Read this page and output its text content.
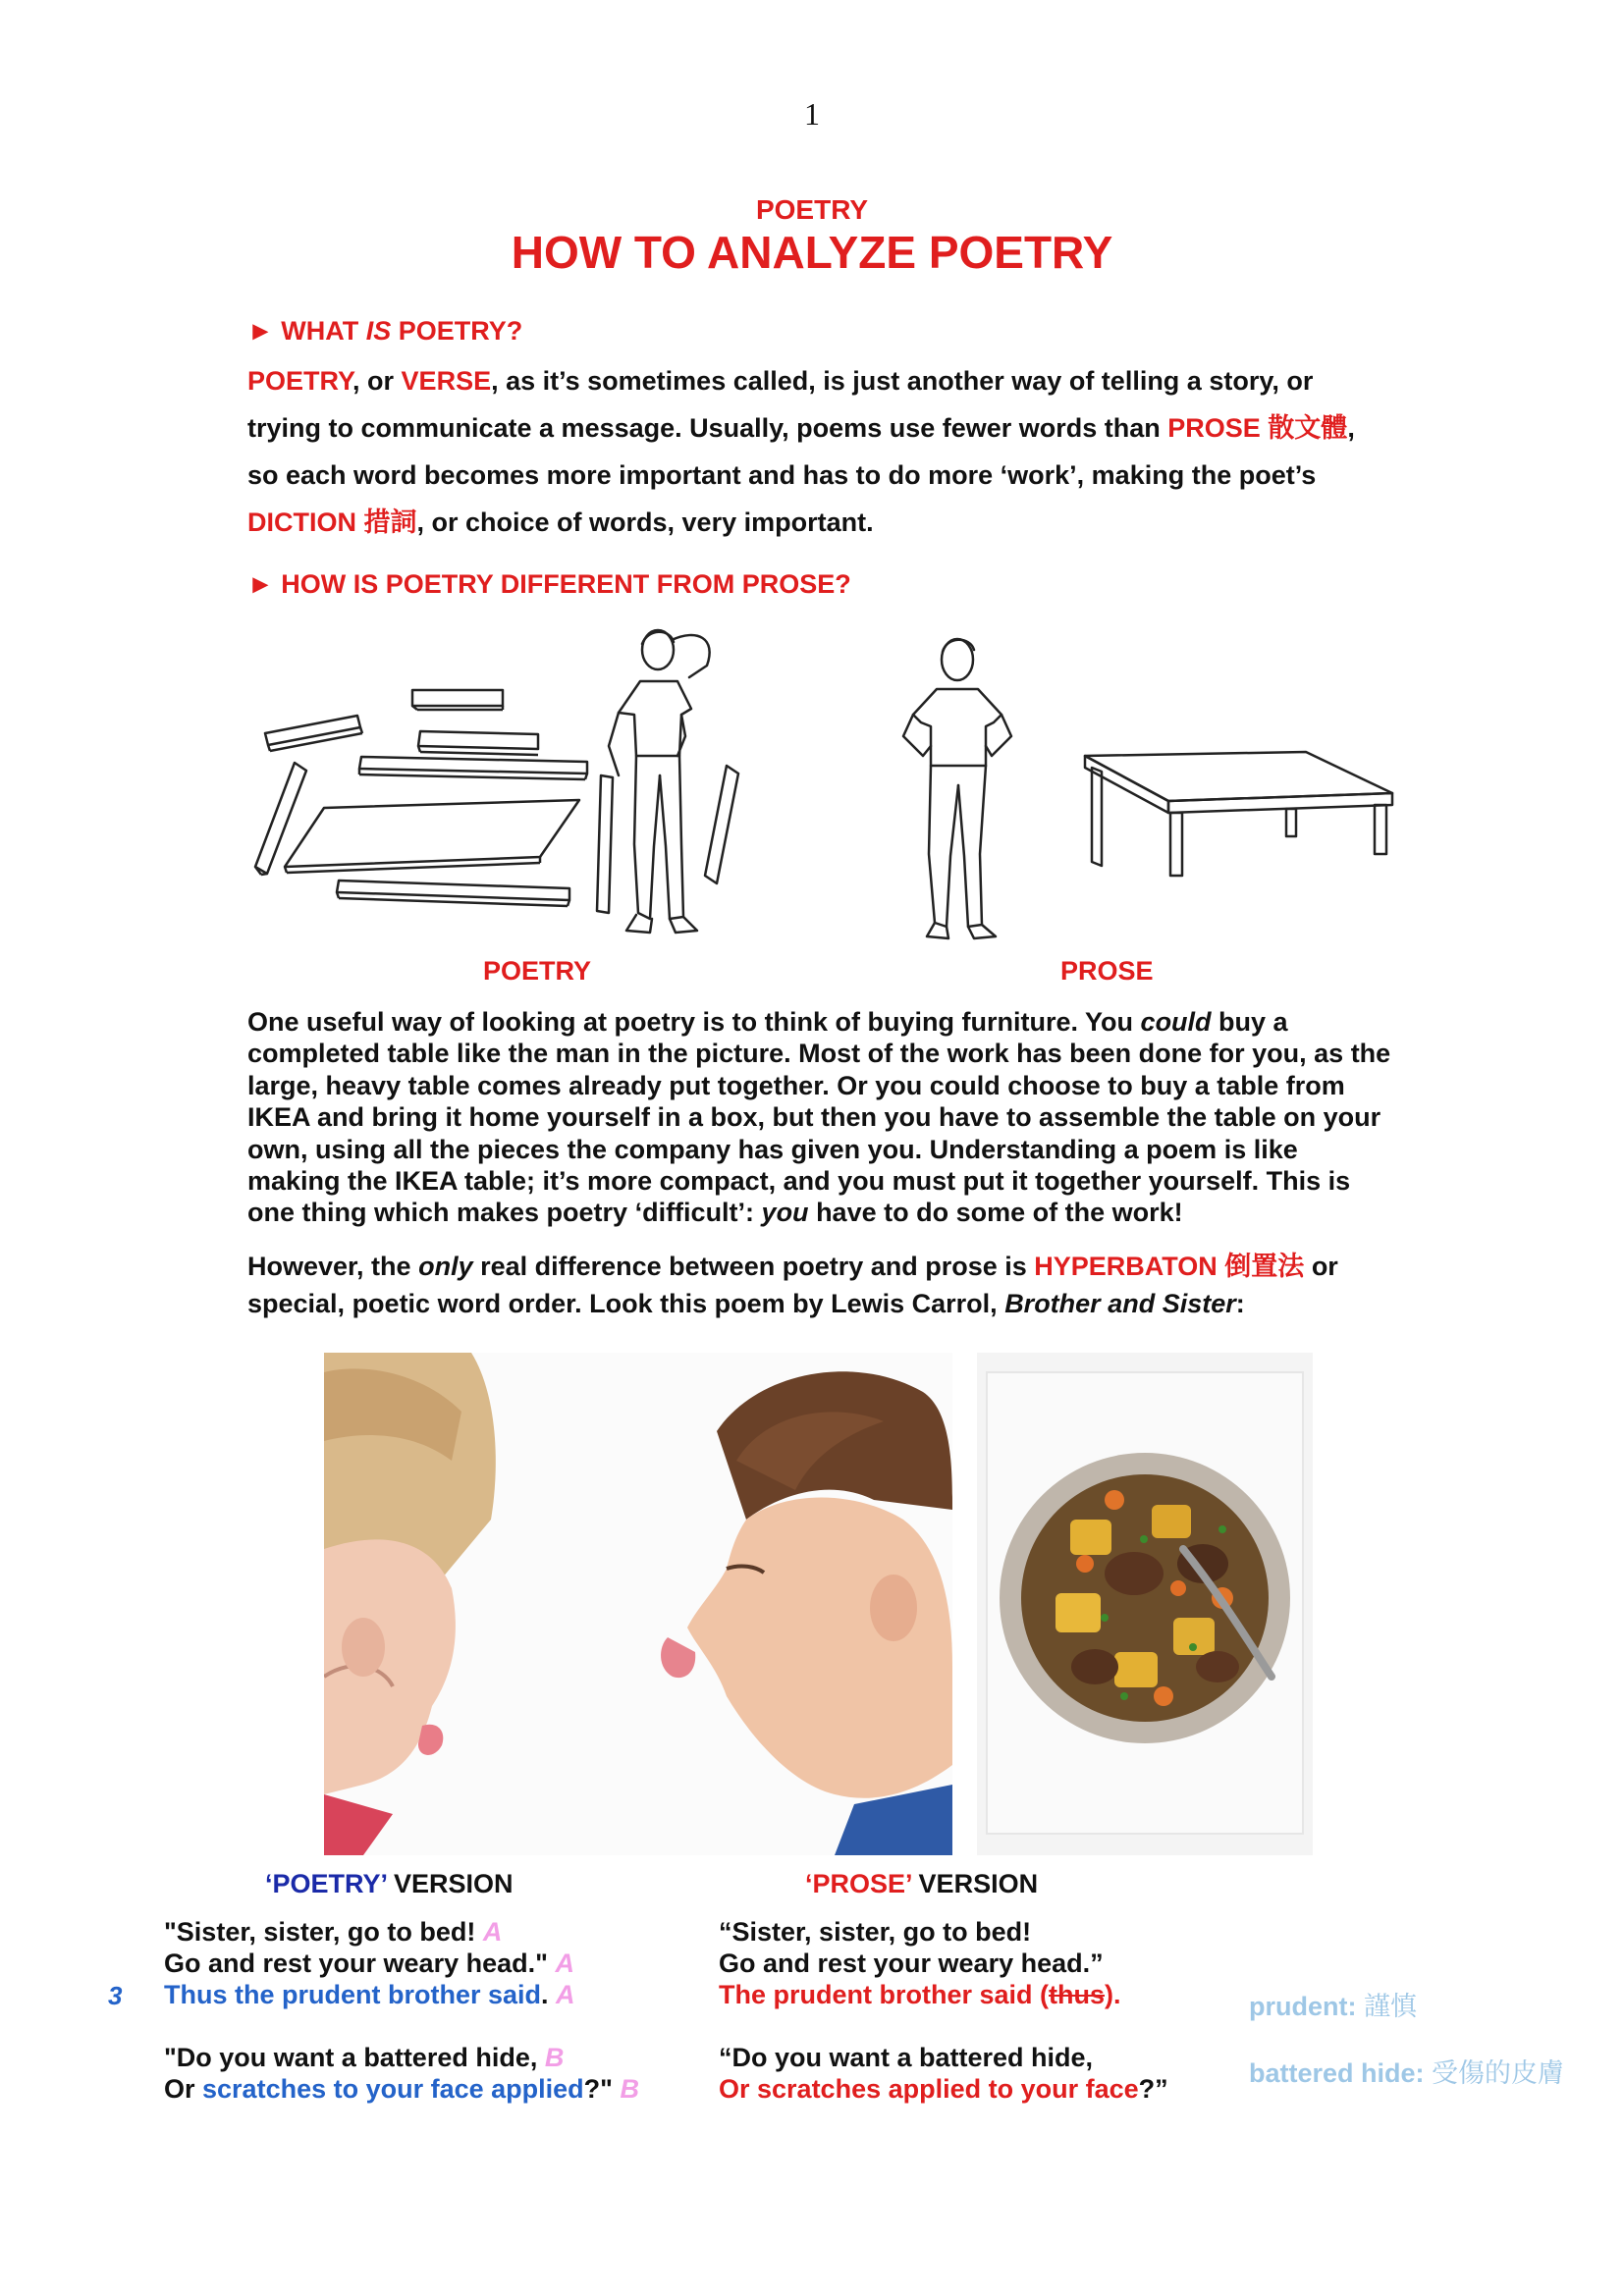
1
POETRY
HOW TO ANALYZE POETRY
► WHAT IS POETRY?
POETRY, or VERSE, as it’s sometimes called, is just another way of telling a story, or trying to communicate a message. Usually, poems use fewer words than PROSE 散文體, so each word becomes more important and has to do more ‘work’, making the poet’s DICTION 措詞, or choice of words, very important.
► HOW IS POETRY DIFFERENT FROM PROSE?
POETRY	PROSE
One useful way of looking at poetry is to think of buying furniture. You could buy a completed table like the man in the picture. Most of the work has been done for you, as the large, heavy table comes already put together. Or you could choose to buy a table from IKEA and bring it home yourself in a box, but then you have to assemble the table on your own, using all the pieces the company has given you. Understanding a poem is like making the IKEA table; it’s more compact, and you must put it together yourself. This is one thing which makes poetry ‘difficult’: you have to do some of the work!
However, the only real difference between poetry and prose is HYPERBATON 倒置法 or special, poetic word order. Look this poem by Lewis Carrol, Brother and Sister:
‘POETRY’ VERSION	‘PROSE’ VERSION
3
"Sister, sister, go to bed! A
Go and rest your weary head." A
Thus the prudent brother said. A
"Do you want a battered hide, B
Or scratches to your face applied?" B
“Sister, sister, go to bed!
Go and rest your weary head.”
The prudent brother said (thus).
“Do you want a battered hide,
Or scratches applied to your face?”
prudent: 謹慎
battered hide: 受傷的皮膚
